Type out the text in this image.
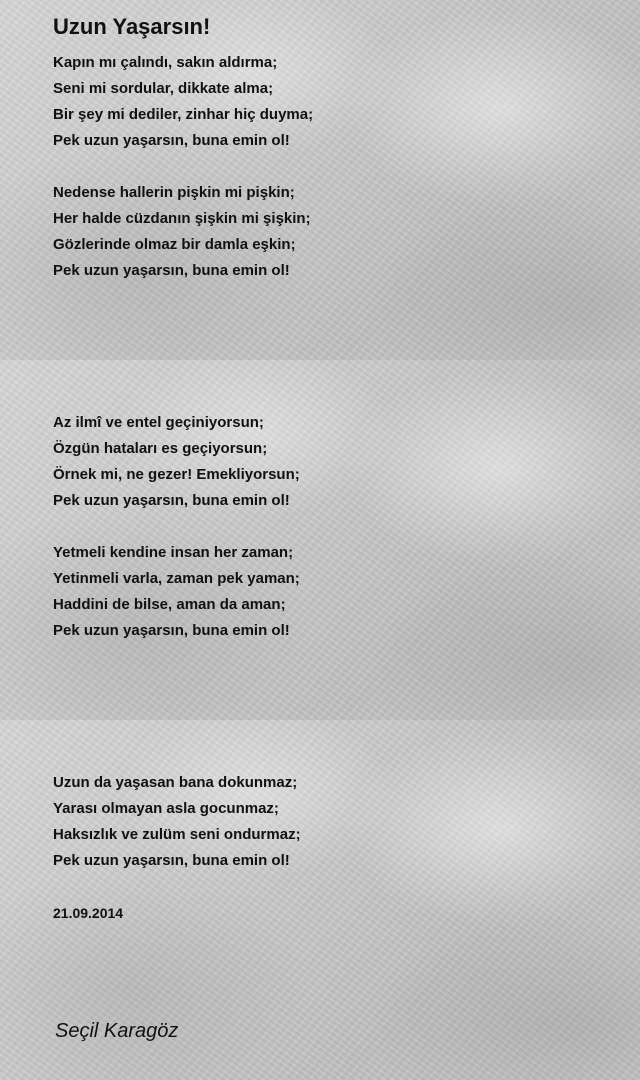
Uzun Yaşarsın!
Kapın mı çalındı, sakın aldırma;
Seni mi sordular, dikkate alma;
Bir şey mi dediler, zinhar hiç duyma;
Pek uzun yaşarsın, buna emin ol!
Nedense hallerin pişkin mi pişkin;
Her halde cüzdanın şişkin mi şişkin;
Gözlerinde olmaz bir damla eşkin;
Pek uzun yaşarsın, buna emin ol!
Az ilmî ve entel geçiniyorsun;
Özgün hataları es geçiyorsun;
Örnek mi, ne gezer! Emekliyorsun;
Pek uzun yaşarsın, buna emin ol!
Yetmeli kendine insan her zaman;
Yetinmeli varla, zaman pek yaman;
Haddini de bilse, aman da aman;
Pek uzun yaşarsın, buna emin ol!
Uzun da yaşasan bana dokunmaz;
Yarası olmayan asla gocunmaz;
Haksızlık ve zulüm seni ondurmaz;
Pek uzun yaşarsın, buna emin ol!
21.09.2014
Seçil Karagöz
